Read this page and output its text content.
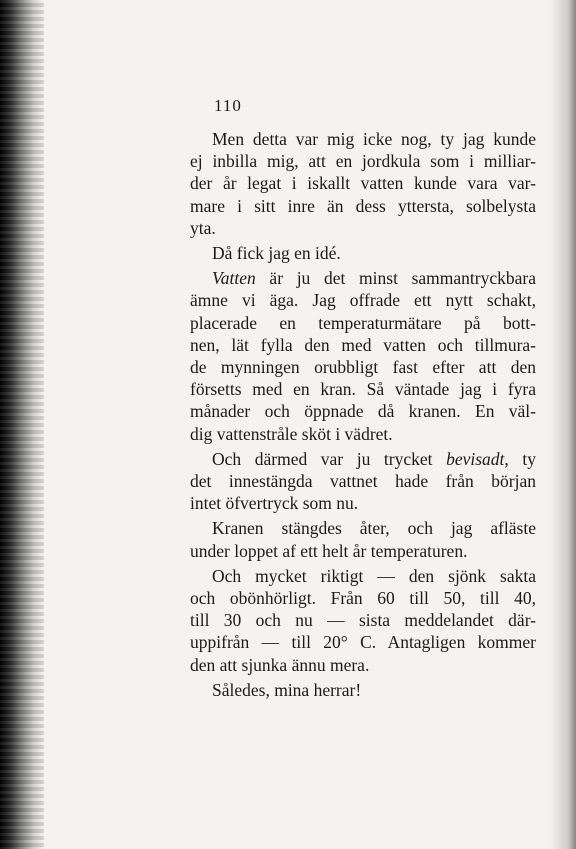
110
Men detta var mig icke nog, ty jag kunde
ej inbilla mig, att en jordkula som i milliar-
der år legat i iskallt vatten kunde vara var-
mare i sitt inre än dess yttersta, solbelysta
yta.
Då fick jag en idé.
Vatten är ju det minst sammantryckbara
ämne vi äga. Jag offrade ett nytt schakt,
placerade en temperaturmätare på bott-
nen, lät fylla den med vatten och tillmura-
de mynningen orubbligt fast efter att den
försetts med en kran. Så väntade jag i fyra
månader och öppnade då kranen. En väl-
dig vattenstråle sköt i vädret.
Och därmed var ju trycket bevisadt, ty
det innestängda vattnet hade från början
intet öfvertryck som nu.
Kranen stängdes åter, och jag afläste
under loppet af ett helt år temperaturen.
Och mycket riktigt — den sjönk sakta
och obönhörligt. Från 60 till 50, till 40,
till 30 och nu — sista meddelandet där-
uppifrån — till 20° C. Antagligen kommer
den att sjunka ännu mera.
Således, mina herrar!
